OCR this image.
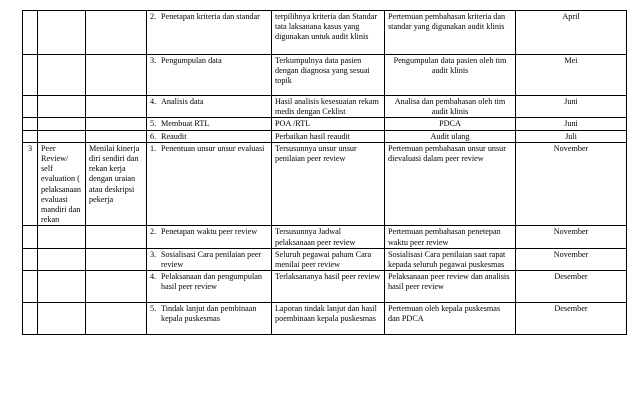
			2. Penetapan kriteria dan standar	terpilihnya kriteria dan Standar tata laksanana kasus yang digunakan untuk audit klinis	Pertemuan pembahasan kriteria dan standar yang digunakan audit klinis	April

			3. Pengumpulan data	Terkumpulnya data pasien dengan diagnosa yang sesuai topik	Pengumpulan data pasien oleh tim audit klinis	Mei

			4. Analisis data	Hasil analisis kesesuaian rekam medis dengan Ceklist	Analisa dan pembahasan oleh tim audit klinis	Juni

			5. Membuat RTL	POA /RTL	PDCA	Juni

			6. Reaudit	Perbaikan hasil reaudit	Audit ulang	Juli
3	Peer Review/ self evaluation ( pelaksanaan evaluasi mandiri dan rekan	Menilai kinerja diri sendiri dan rekan kerja dengan uraian atau deskripsi pekerja	1. Penentuan unsur unsur evaluasi	Tersusunnya unsur unsur penilaian peer review	Pertemuan pembahasan unsur unsur dievaluasi dalam peer review	November

			2. Penetapan waktu peer review	Tersusunnya Jadwal pelaksanaan peer review	Pertemuan pembahasan penetepan waktu peer review	November

			3. Sosialisasi Cara penilaian peer review	Seluruh pegawai paham Cara menilai peer review	Sosialisasi Cara penilaian saat rapat kepada seluruh pegawai puskesmas	November

			4. Pelaksanaan dan pengumpulan hasil peer review	Terlaksananya hasil peer review	Pelaksanaan peer review dan analisis hasil peer review	Desember

			5. Tindak lanjut dan pembinaan kepala puskesmas	Laporan tindak lanjut dan hasil poembinaan kepala puskesmas	Pertemuan oleh kepala puskesmas dan PDCA	Desember
